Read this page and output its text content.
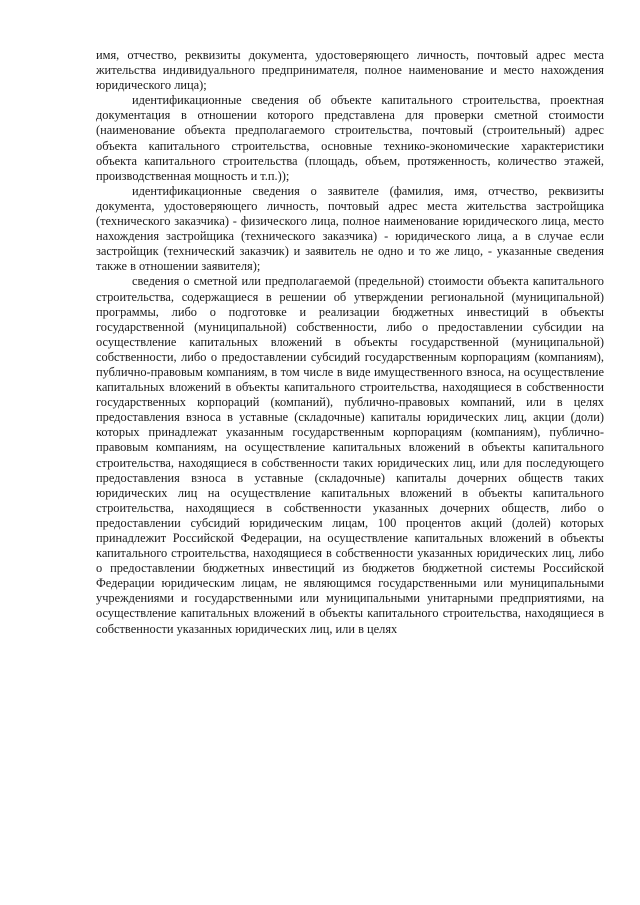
имя, отчество, реквизиты документа, удостоверяющего личность, почтовый адрес места жительства индивидуального предпринимателя, полное наименование и место нахождения юридического лица);

идентификационные сведения об объекте капитального строительства, проектная документация в отношении которого представлена для проверки сметной стоимости (наименование объекта предполагаемого строительства, почтовый (строительный) адрес объекта капитального строительства, основные технико-экономические характеристики объекта капитального строительства (площадь, объем, протяженность, количество этажей, производственная мощность и т.п.));

идентификационные сведения о заявителе (фамилия, имя, отчество, реквизиты документа, удостоверяющего личность, почтовый адрес места жительства застройщика (технического заказчика) - физического лица, полное наименование юридического лица, место нахождения застройщика (технического заказчика) - юридического лица, а в случае если застройщик (технический заказчик) и заявитель не одно и то же лицо, - указанные сведения также в отношении заявителя);

сведения о сметной или предполагаемой (предельной) стоимости объекта капитального строительства, содержащиеся в решении об утверждении региональной (муниципальной) программы, либо о подготовке и реализации бюджетных инвестиций в объекты государственной (муниципальной) собственности, либо о предоставлении субсидии на осуществление капитальных вложений в объекты государственной (муниципальной) собственности, либо о предоставлении субсидий государственным корпорациям (компаниям), публично-правовым компаниям, в том числе в виде имущественного взноса, на осуществление капитальных вложений в объекты капитального строительства, находящиеся в собственности государственных корпораций (компаний), публично-правовых компаний, или в целях предоставления взноса в уставные (складочные) капиталы юридических лиц, акции (доли) которых принадлежат указанным государственным корпорациям (компаниям), публично-правовым компаниям, на осуществление капитальных вложений в объекты капитального строительства, находящиеся в собственности таких юридических лиц, или для последующего предоставления взноса в уставные (складочные) капиталы дочерних обществ таких юридических лиц на осуществление капитальных вложений в объекты капитального строительства, находящиеся в собственности указанных дочерних обществ, либо о предоставлении субсидий юридическим лицам, 100 процентов акций (долей) которых принадлежит Российской Федерации, на осуществление капитальных вложений в объекты капитального строительства, находящиеся в собственности указанных юридических лиц, либо о предоставлении бюджетных инвестиций из бюджетов бюджетной системы Российской Федерации юридическим лицам, не являющимся государственными или муниципальными учреждениями и государственными или муниципальными унитарными предприятиями, на осуществление капитальных вложений в объекты капитального строительства, находящиеся в собственности указанных юридических лиц, или в целях
